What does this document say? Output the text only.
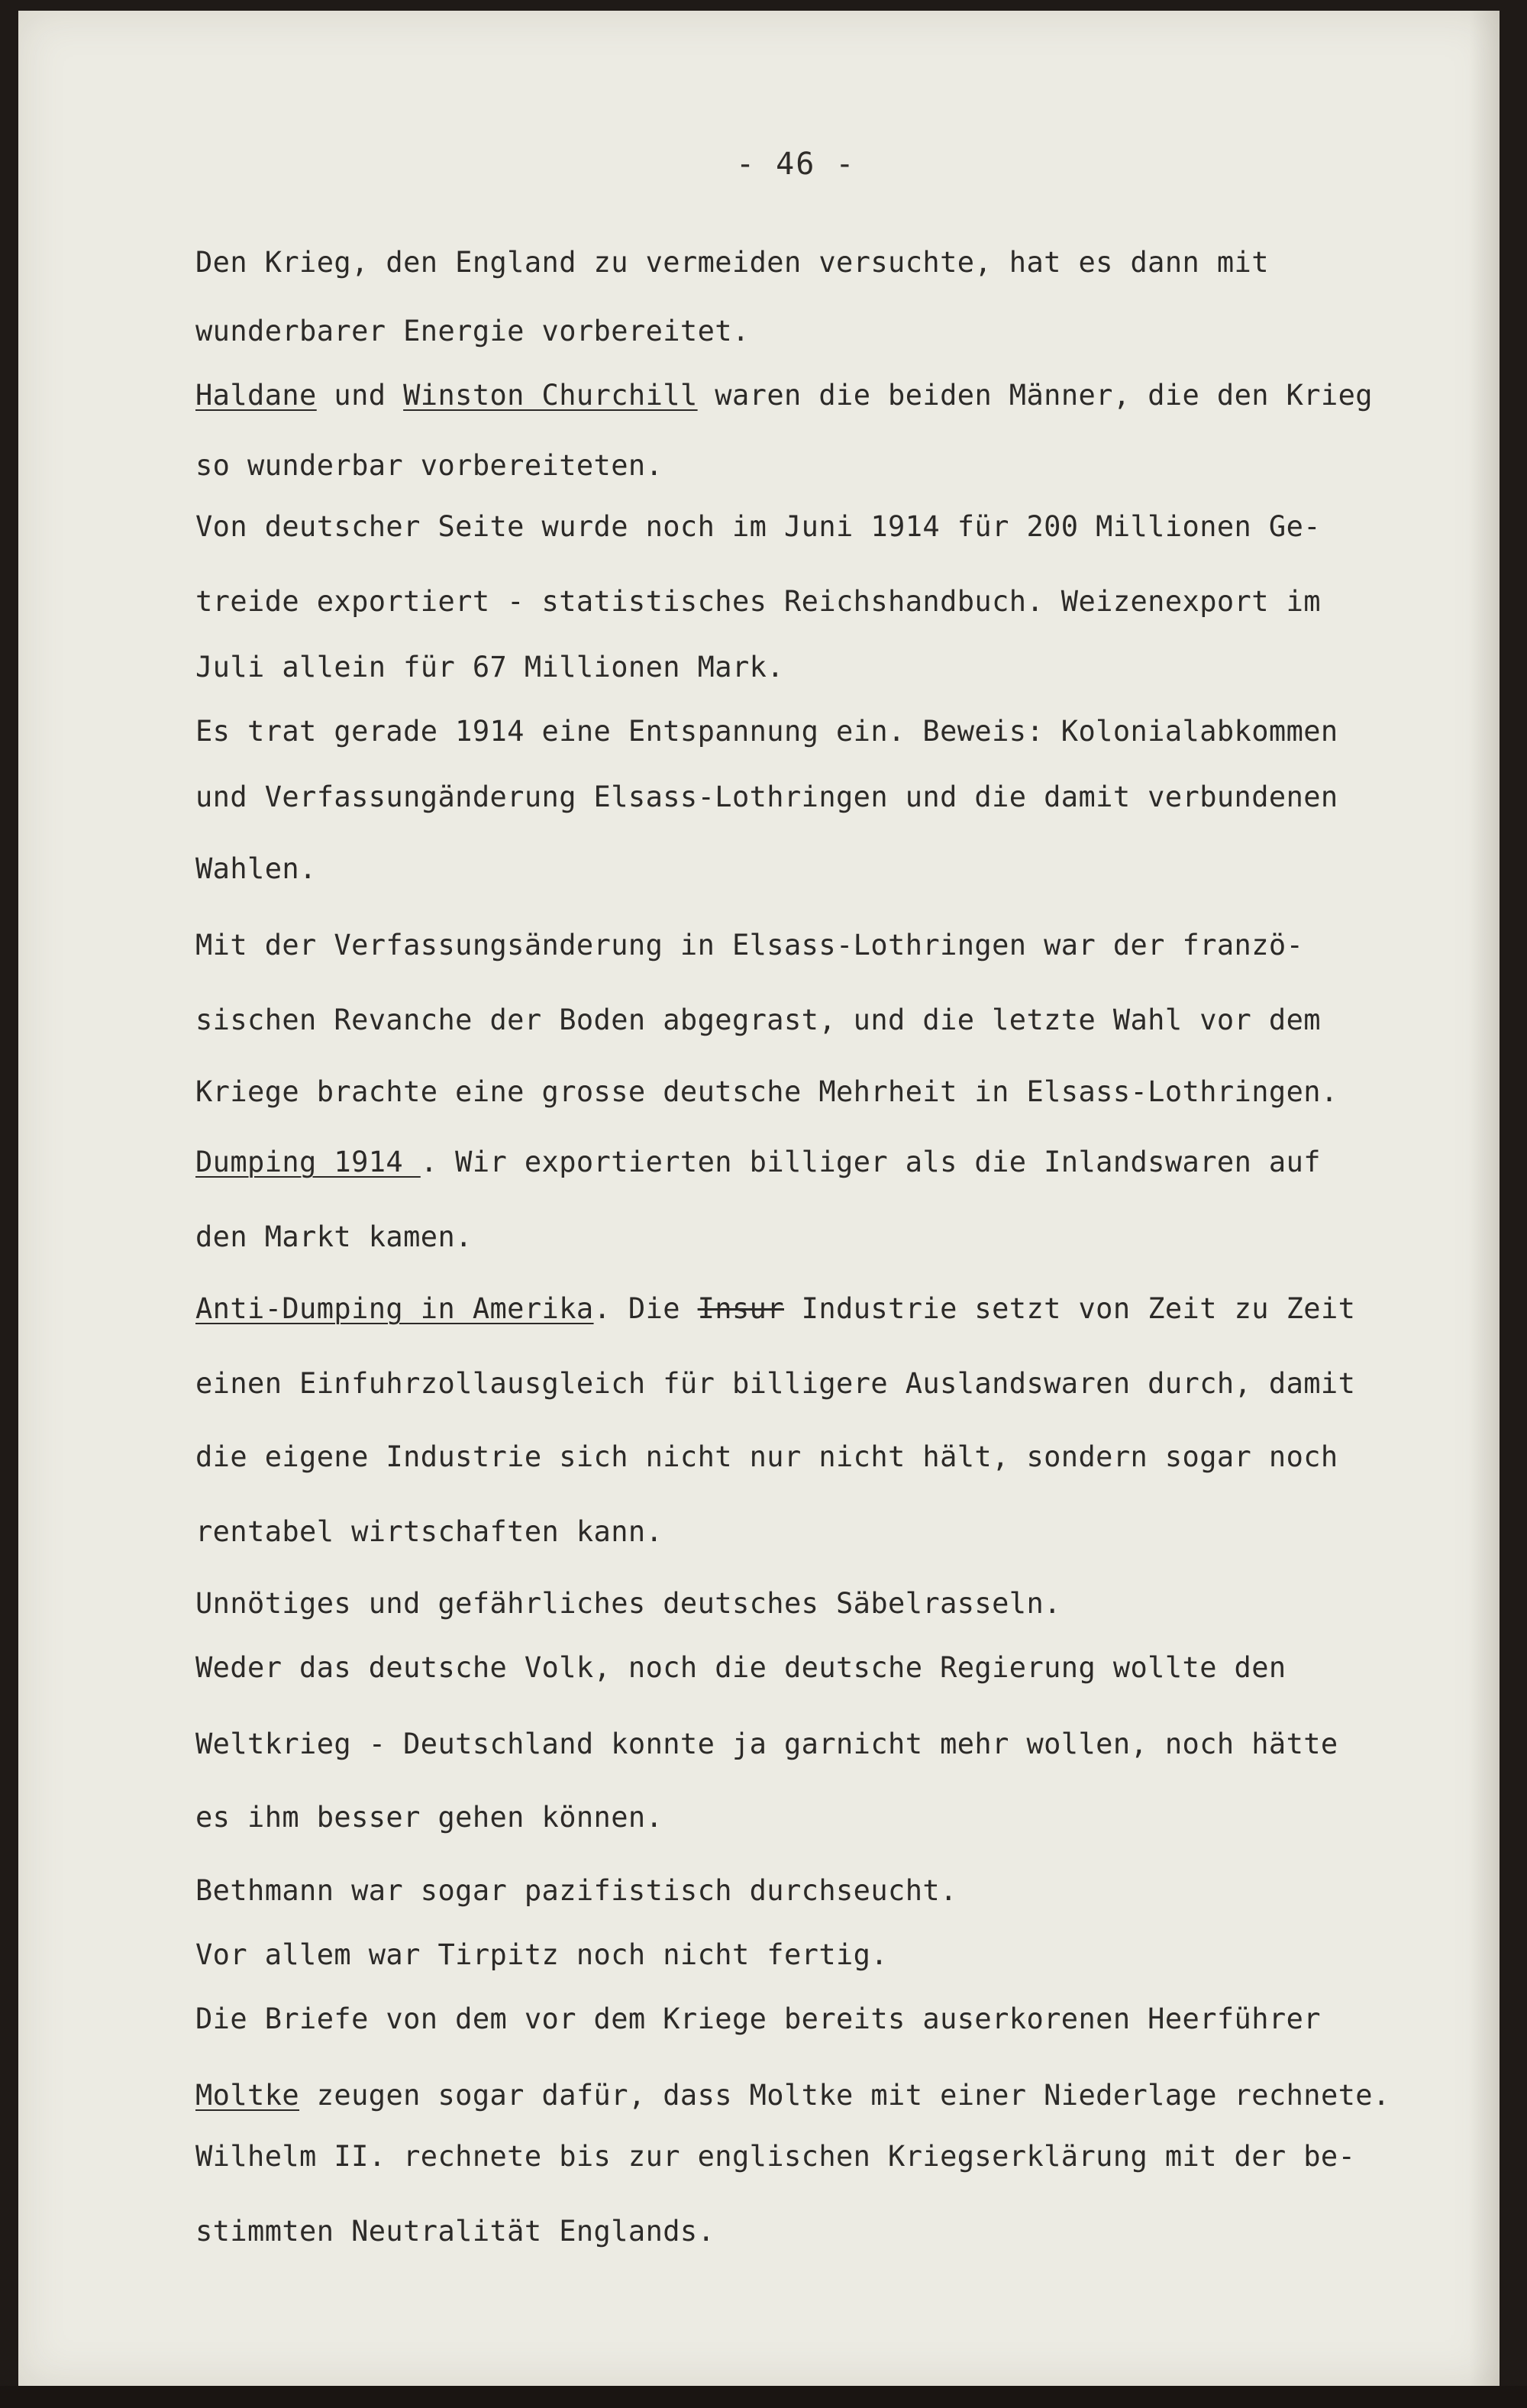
- 46 -
Den Krieg, den England zu vermeiden versuchte, hat es dann mit
wunderbarer Energie vorbereitet.
Haldane und Winston Churchill waren die beiden Männer, die den Krieg
so wunderbar vorbereiteten.
Von deutscher Seite wurde noch im Juni 1914 für 200 Millionen Ge-
treide exportiert - statistisches Reichshandbuch. Weizenexport im
Juli allein für 67 Millionen Mark.
Es trat gerade 1914 eine Entspannung ein. Beweis: Kolonialabkommen
und Verfassungänderung Elsass-Lothringen und die damit verbundenen
Wahlen.
Mit der Verfassungsänderung in Elsass-Lothringen war der franzö-
sischen Revanche der Boden abgegrast, und die letzte Wahl vor dem
Kriege brachte eine grosse deutsche Mehrheit in Elsass-Lothringen.
Dumping 1914 . Wir exportierten billiger als die Inlandswaren auf
den Markt kamen.
Anti-Dumping in Amerika. Die Insur Industrie setzt von Zeit zu Zeit
einen Einfuhrzollausgleich für billigere Auslandswaren durch, damit
die eigene Industrie sich nicht nur nicht hält, sondern sogar noch
rentabel wirtschaften kann.
Unnötiges und gefährliches deutsches Säbelrasseln.
Weder das deutsche Volk, noch die deutsche Regierung wollte den
Weltkrieg - Deutschland konnte ja garnicht mehr wollen, noch hätte
es ihm besser gehen können.
Bethmann war sogar pazifistisch durchseucht.
Vor allem war Tirpitz noch nicht fertig.
Die Briefe von dem vor dem Kriege bereits auserkorenen Heerführer
Moltke zeugen sogar dafür, dass Moltke mit einer Niederlage rechnete.
Wilhelm II. rechnete bis zur englischen Kriegserklärung mit der be-
stimmten Neutralität Englands.
